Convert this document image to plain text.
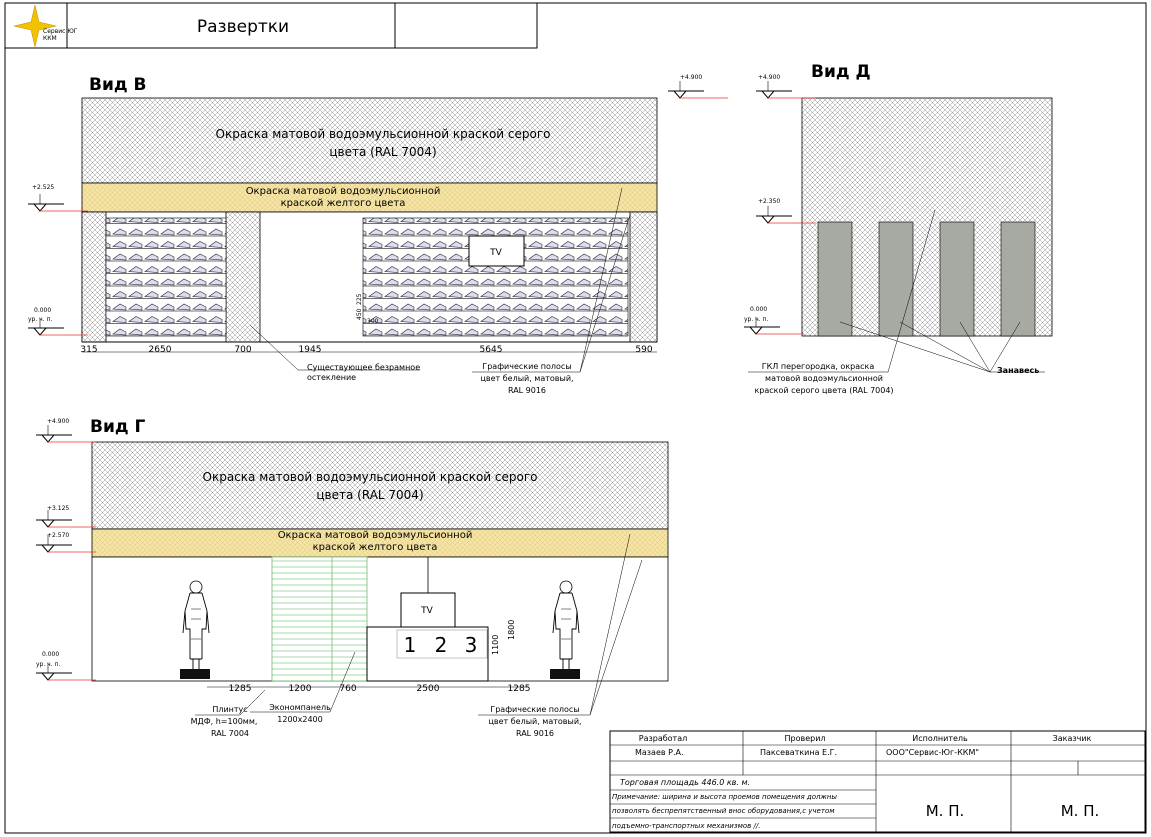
Сервис ЮГ
ККМ
Развертки
Вид В
Окраска матовой водоэмульсионной краской серого
цвета (RAL 7004)
Окраска матовой водоэмульсионной
краской желтого цвета
TV
315	2650	700	1945	5645	590
450
225
300
+4.900
+2.525
0.000
ур. ч. п.
Существующее безрамное
остекление
Графические полосы
цвет белый, матовый,
RAL 9016
Вид Д
+4.900
+2.350
0.000
ур. ч. п.
ГКЛ перегородка, окраска
матовой водоэмульсионной
краской серого цвета (RAL 7004)
Занавесь
Вид Г
Окраска матовой водоэмульсионной краской серого
цвета (RAL 7004)
Окраска матовой водоэмульсионной
краской желтого цвета
TV
1 2 3
1285	1200	760	2500	1285
1100
1800
+4.900
+3.125
+2.570
0.000
ур. ч. п.
Плинтус
МДФ, h=100мм,
RAL 7004
Экономпанель
1200х2400
Графические полосы
цвет белый, матовый,
RAL 9016
Разработал	Проверил	Исполнитель	Заказчик
Мазаев Р.А.	Паксеваткина Е.Г.	ООО"Сервис-Юг-ККМ"
Торговая площадь 446.0 кв. м.
Примечание: ширина и высота проемов помещения должны
позволять беспрепятственный внос оборудования,с учетом
подъемно-транспортных механизмов //.
М. П.	М. П.
